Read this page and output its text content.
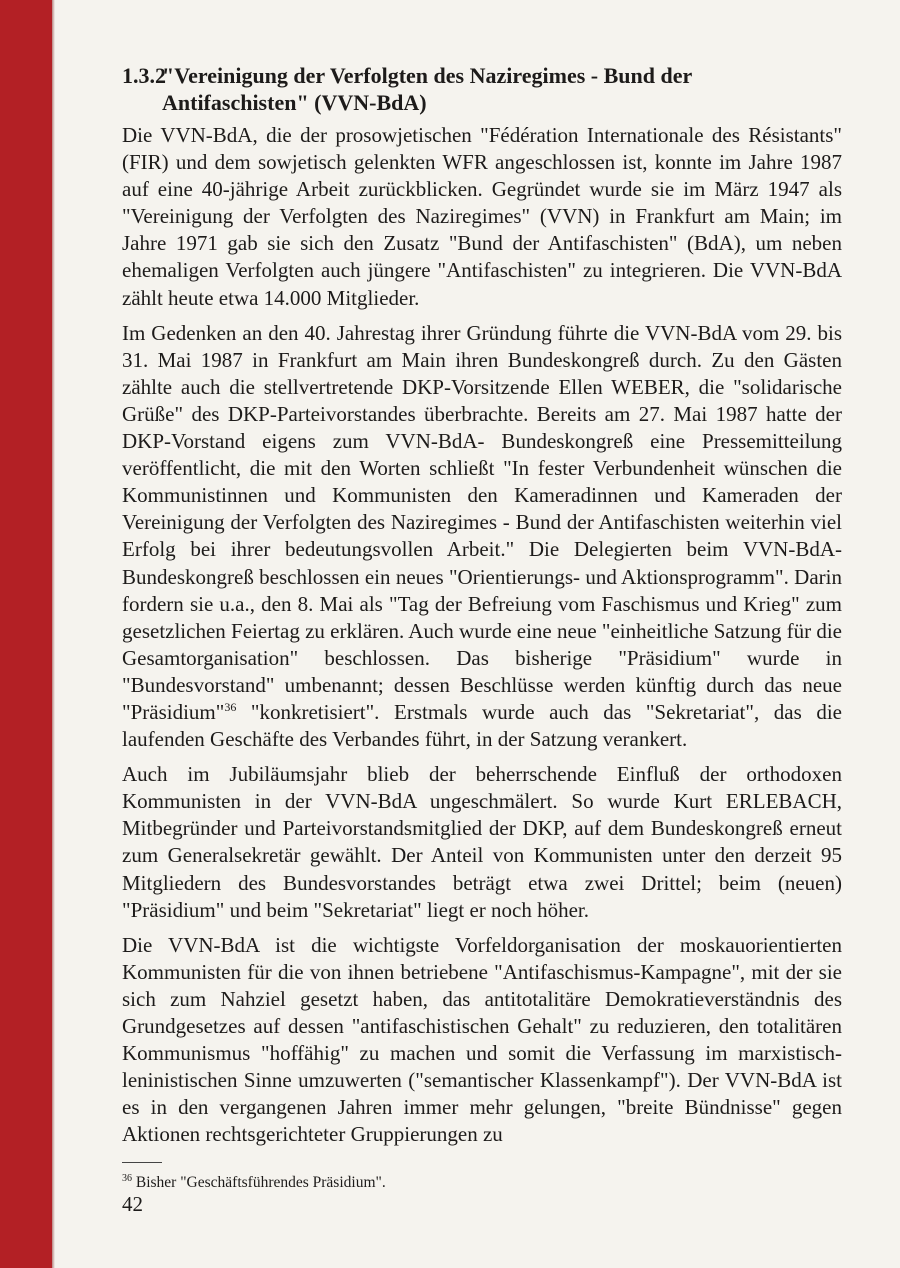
1.3.2
"Vereinigung der Verfolgten des Naziregimes - Bund der Antifaschisten" (VVN-BdA)

Die VVN-BdA, die der prosowjetischen "Fédération Internationale des Résistants" (FIR) und dem sowjetisch gelenkten WFR angeschlossen ist, konnte im Jahre 1987 auf eine 40-jährige Arbeit zurückblicken. Gegründet wurde sie im März 1947 als "Vereinigung der Verfolgten des Naziregimes" (VVN) in Frankfurt am Main; im Jahre 1971 gab sie sich den Zusatz "Bund der Antifaschisten" (BdA), um neben ehemaligen Verfolgten auch jüngere "Antifaschisten" zu integrieren. Die VVN-BdA zählt heute etwa 14.000 Mitglieder.

Im Gedenken an den 40. Jahrestag ihrer Gründung führte die VVN-BdA vom 29. bis 31. Mai 1987 in Frankfurt am Main ihren Bundeskongreß durch. Zu den Gästen zählte auch die stellvertretende DKP-Vorsitzende Ellen WEBER, die "solidarische Grüße" des DKP-Parteivorstandes überbrachte. Bereits am 27. Mai 1987 hatte der DKP-Vorstand eigens zum VVN-BdA- Bundeskongreß eine Pressemitteilung veröffentlicht, die mit den Worten schließt "In fester Verbundenheit wünschen die Kommunistinnen und Kommunisten den Kameradinnen und Kameraden der Vereinigung der Verfolgten des Naziregimes - Bund der Antifaschisten weiterhin viel Erfolg bei ihrer bedeutungsvollen Arbeit." Die Delegierten beim VVN-BdA-Bundeskongreß beschlossen ein neues "Orientierungs- und Aktionsprogramm". Darin fordern sie u.a., den 8. Mai als "Tag der Befreiung vom Faschismus und Krieg" zum gesetzlichen Feiertag zu erklären. Auch wurde eine neue "einheitliche Satzung für die Gesamtorganisation" beschlossen. Das bisherige "Präsidium" wurde in "Bundesvorstand" umbenannt; dessen Beschlüsse werden künftig durch das neue "Präsidium"$^{36}$ "konkretisiert". Erstmals wurde auch das "Sekretariat", das die laufenden Geschäfte des Verbandes führt, in der Satzung verankert.

Auch im Jubiläumsjahr blieb der beherrschende Einfluß der orthodoxen Kommunisten in der VVN-BdA ungeschmälert. So wurde Kurt ERLEBACH, Mitbegründer und Parteivorstandsmitglied der DKP, auf dem Bundeskongreß erneut zum Generalsekretär gewählt. Der Anteil von Kommunisten unter den derzeit 95 Mitgliedern des Bundesvorstandes beträgt etwa zwei Drittel; beim (neuen) "Präsidium" und beim "Sekretariat" liegt er noch höher.

Die VVN-BdA ist die wichtigste Vorfeldorganisation der moskauorientierten Kommunisten für die von ihnen betriebene "Antifaschismus-Kampagne", mit der sie sich zum Nahziel gesetzt haben, das antitotalitäre Demokratieverständnis des Grundgesetzes auf dessen "antifaschistischen Gehalt" zu reduzieren, den totalitären Kommunismus "hoffähig" zu machen und somit die Verfassung im marxistisch-leninistischen Sinne umzuwerten ("semantischer Klassenkampf"). Der VVN-BdA ist es in den vergangenen Jahren immer mehr gelungen, "breite Bündnisse" gegen Aktionen rechtsgerichteter Gruppierungen zu

$^{36}$ Bisher "Geschäftsführendes Präsidium".
42
